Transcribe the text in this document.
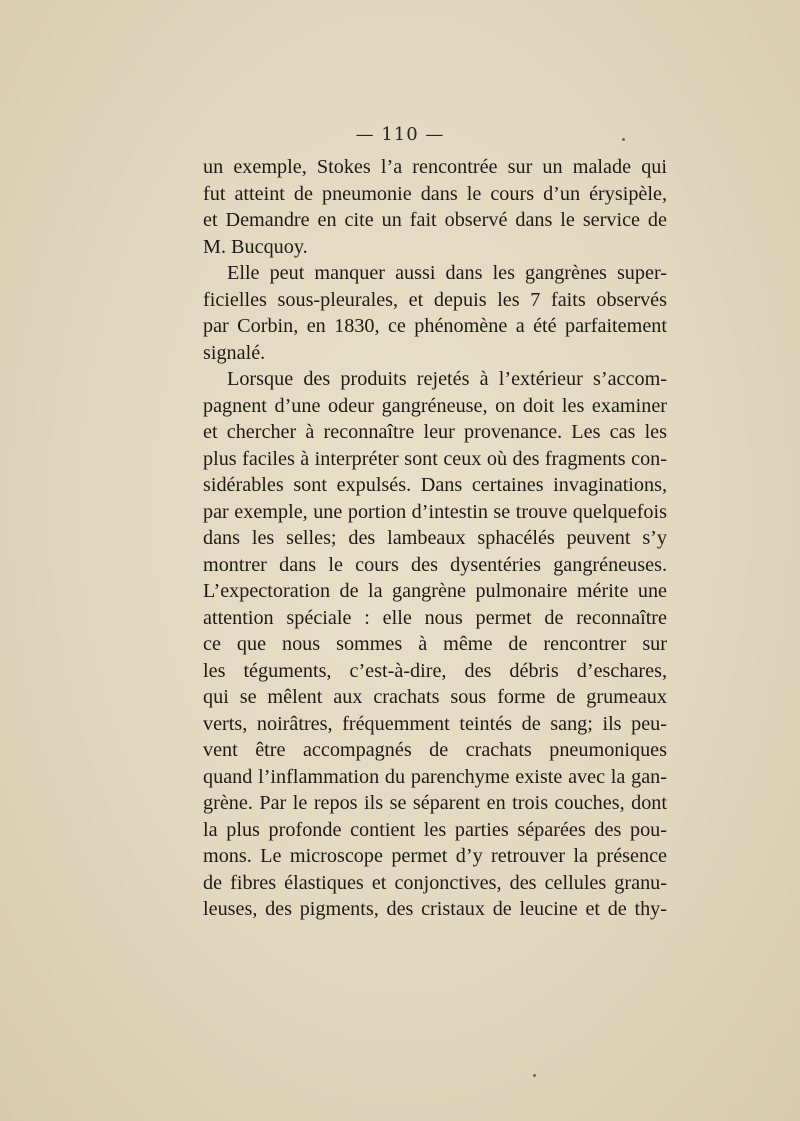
— 110 —
un exemple, Stokes l’a rencontrée sur un malade qui
fut atteint de pneumonie dans le cours d’un érysipèle,
et Demandre en cite un fait observé dans le service de
M. Bucquoy.
Elle peut manquer aussi dans les gangrènes super-
ficielles sous-pleurales, et depuis les 7 faits observés
par Corbin, en 1830, ce phénomène a été parfaitement
signalé.
Lorsque des produits rejetés à l’extérieur s’accom-
pagnent d’une odeur gangréneuse, on doit les examiner
et chercher à reconnaître leur provenance. Les cas les
plus faciles à interpréter sont ceux où des fragments con-
sidérables sont expulsés. Dans certaines invaginations,
par exemple, une portion d’intestin se trouve quelquefois
dans les selles; des lambeaux sphacélés peuvent s’y
montrer dans le cours des dysentéries gangréneuses.
L’expectoration de la gangrène pulmonaire mérite une
attention spéciale : elle nous permet de reconnaître
ce que nous sommes à même de rencontrer sur
les téguments, c’est-à-dire, des débris d’eschares,
qui se mêlent aux crachats sous forme de grumeaux
verts, noirâtres, fréquemment teintés de sang; ils peu-
vent être accompagnés de crachats pneumoniques
quand l’inflammation du parenchyme existe avec la gan-
grène. Par le repos ils se séparent en trois couches, dont
la plus profonde contient les parties séparées des pou-
mons. Le microscope permet d’y retrouver la présence
de fibres élastiques et conjonctives, des cellules granu-
leuses, des pigments, des cristaux de leucine et de thy-
